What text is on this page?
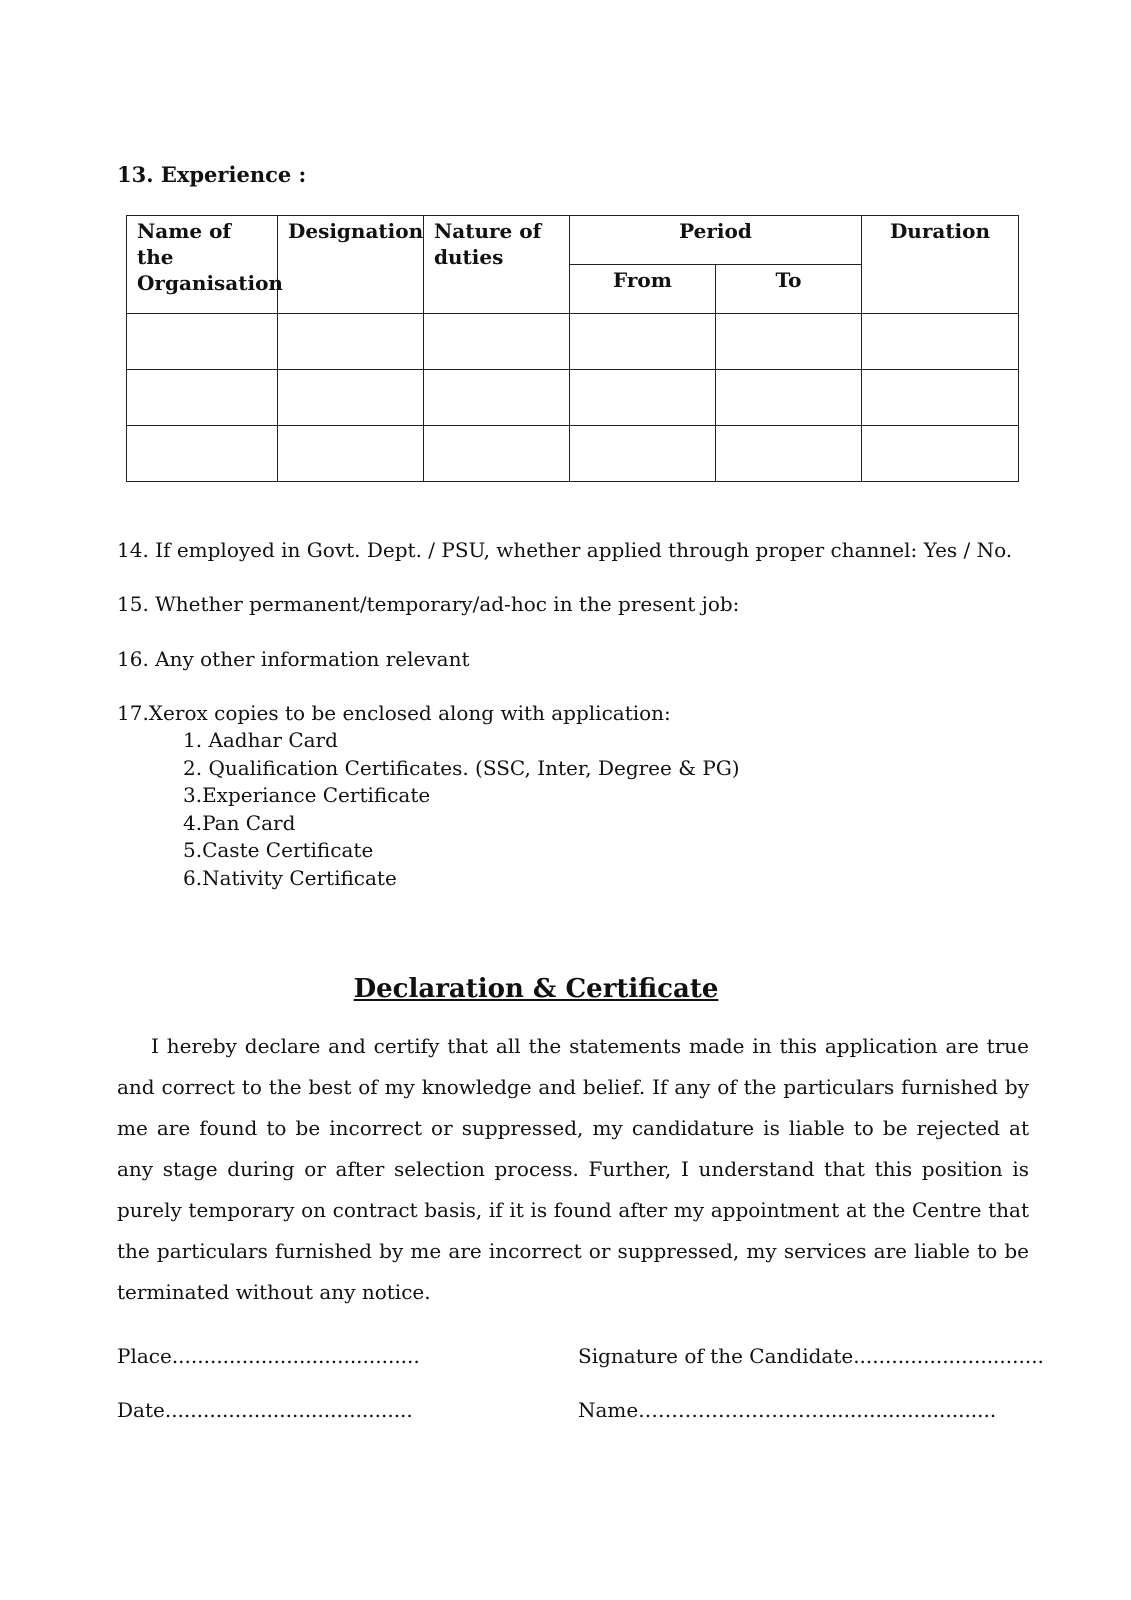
13. Experience :
Name of the Organisation	Designation	Nature of duties	Period		Duration
			From	To	

14. If employed in Govt. Dept. / PSU, whether applied through proper channel: Yes / No.
15. Whether permanent/temporary/ad-hoc in the present job:
16. Any other information relevant
17.Xerox copies to be enclosed along with application:
1. Aadhar Card
2. Qualification Certificates. (SSC, Inter, Degree & PG)
3.Experiance Certificate
4.Pan Card
5.Caste Certificate
6.Nativity Certificate
Declaration & Certificate

I hereby declare and certify that all the statements made in this application are true and correct to the best of my knowledge and belief. If any of the particulars furnished by me are found to be incorrect or suppressed, my candidature is liable to be rejected at any stage during or after selection process. Further, I understand that this position is purely temporary on contract basis, if it is found after my appointment at the Centre that the particulars furnished by me are incorrect or suppressed, my services are liable to be terminated without any notice.

Place.......................................	Signature of the Candidate..............................
Date.......................................	Name.………………………...........................
